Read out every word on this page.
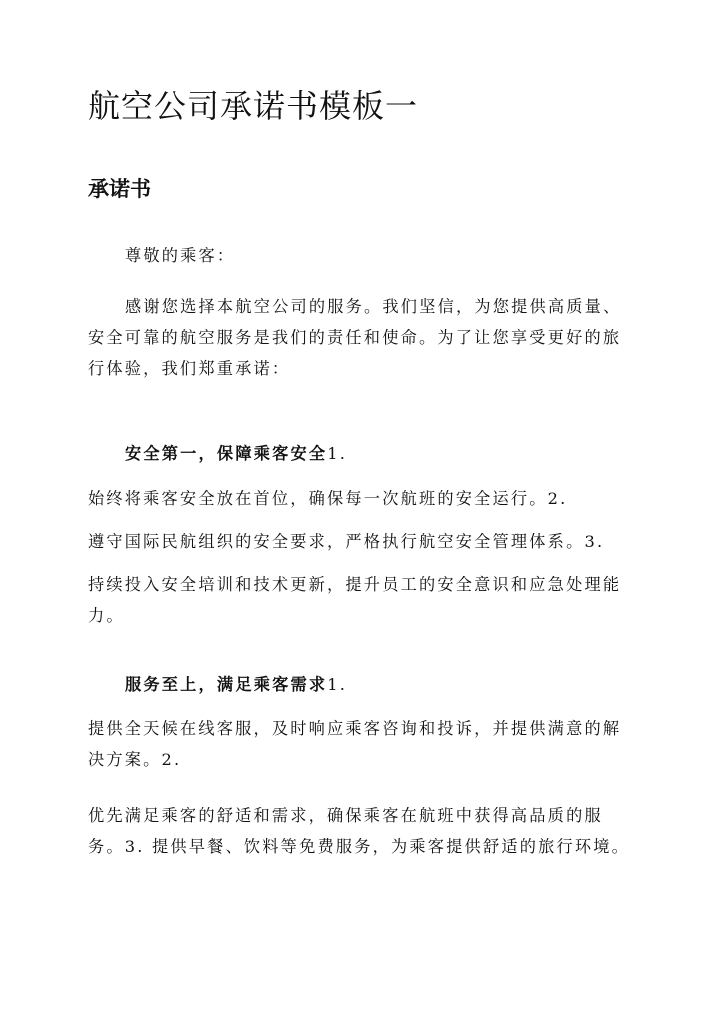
航空公司承诺书模板一
承诺书

尊敬的乘客：

感谢您选择本航空公司的服务。我们坚信，为您提供高质量、安全可靠的航空服务是我们的责任和使命。为了让您享受更好的旅行体验，我们郑重承诺：

安全第一，保障乘客安全1.

始终将乘客安全放在首位，确保每一次航班的安全运行。2.

遵守国际民航组织的安全要求，严格执行航空安全管理体系。3.

持续投入安全培训和技术更新，提升员工的安全意识和应急处理能力。

服务至上，满足乘客需求1.

提供全天候在线客服，及时响应乘客咨询和投诉，并提供满意的解决方案。2.

优先满足乘客的舒适和需求，确保乘客在航班中获得高品质的服务。3. 提供早餐、饮料等免费服务，为乘客提供舒适的旅行环境。
